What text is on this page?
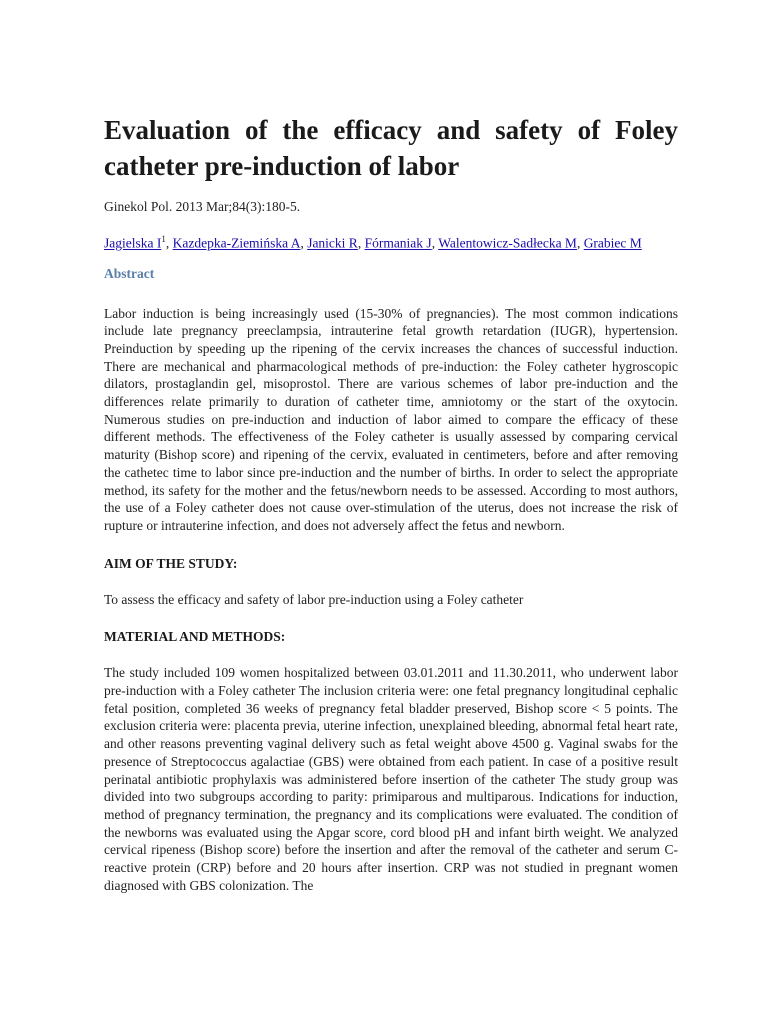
Evaluation of the efficacy and safety of Foley catheter pre-induction of labor
Ginekol Pol. 2013 Mar;84(3):180-5.
Jagielska $I^1$, Kazdepka-Ziemińska A, Janicki R, Fórmaniak J, Walentowicz-Sadłecka M, Grabiec M
Abstract

Labor induction is being increasingly used (15-30% of pregnancies). The most common indications include late pregnancy preeclampsia, intrauterine fetal growth retardation (IUGR), hypertension. Preinduction by speeding up the ripening of the cervix increases the chances of successful induction. There are mechanical and pharmacological methods of pre-induction: the Foley catheter hygroscopic dilators, prostaglandin gel, misoprostol. There are various schemes of labor pre-induction and the differences relate primarily to duration of catheter time, amniotomy or the start of the oxytocin. Numerous studies on pre-induction and induction of labor aimed to compare the efficacy of these different methods. The effectiveness of the Foley catheter is usually assessed by comparing cervical maturity (Bishop score) and ripening of the cervix, evaluated in centimeters, before and after removing the cathetec time to labor since pre-induction and the number of births. In order to select the appropriate method, its safety for the mother and the fetus/newborn needs to be assessed. According to most authors, the use of a Foley catheter does not cause over-stimulation of the uterus, does not increase the risk of rupture or intrauterine infection, and does not adversely affect the fetus and newborn.

AIM OF THE STUDY:

To assess the efficacy and safety of labor pre-induction using a Foley catheter

MATERIAL AND METHODS:

The study included 109 women hospitalized between 03.01.2011 and 11.30.2011, who underwent labor pre-induction with a Foley catheter The inclusion criteria were: one fetal pregnancy longitudinal cephalic fetal position, completed 36 weeks of pregnancy fetal bladder preserved, Bishop score < 5 points. The exclusion criteria were: placenta previa, uterine infection, unexplained bleeding, abnormal fetal heart rate, and other reasons preventing vaginal delivery such as fetal weight above 4500 g. Vaginal swabs for the presence of Streptococcus agalactiae (GBS) were obtained from each patient. In case of a positive result perinatal antibiotic prophylaxis was administered before insertion of the catheter The study group was divided into two subgroups according to parity: primiparous and multiparous. Indications for induction, method of pregnancy termination, the pregnancy and its complications were evaluated. The condition of the newborns was evaluated using the Apgar score, cord blood pH and infant birth weight. We analyzed cervical ripeness (Bishop score) before the insertion and after the removal of the catheter and serum C-reactive protein (CRP) before and 20 hours after insertion. CRP was not studied in pregnant women diagnosed with GBS colonization. The
